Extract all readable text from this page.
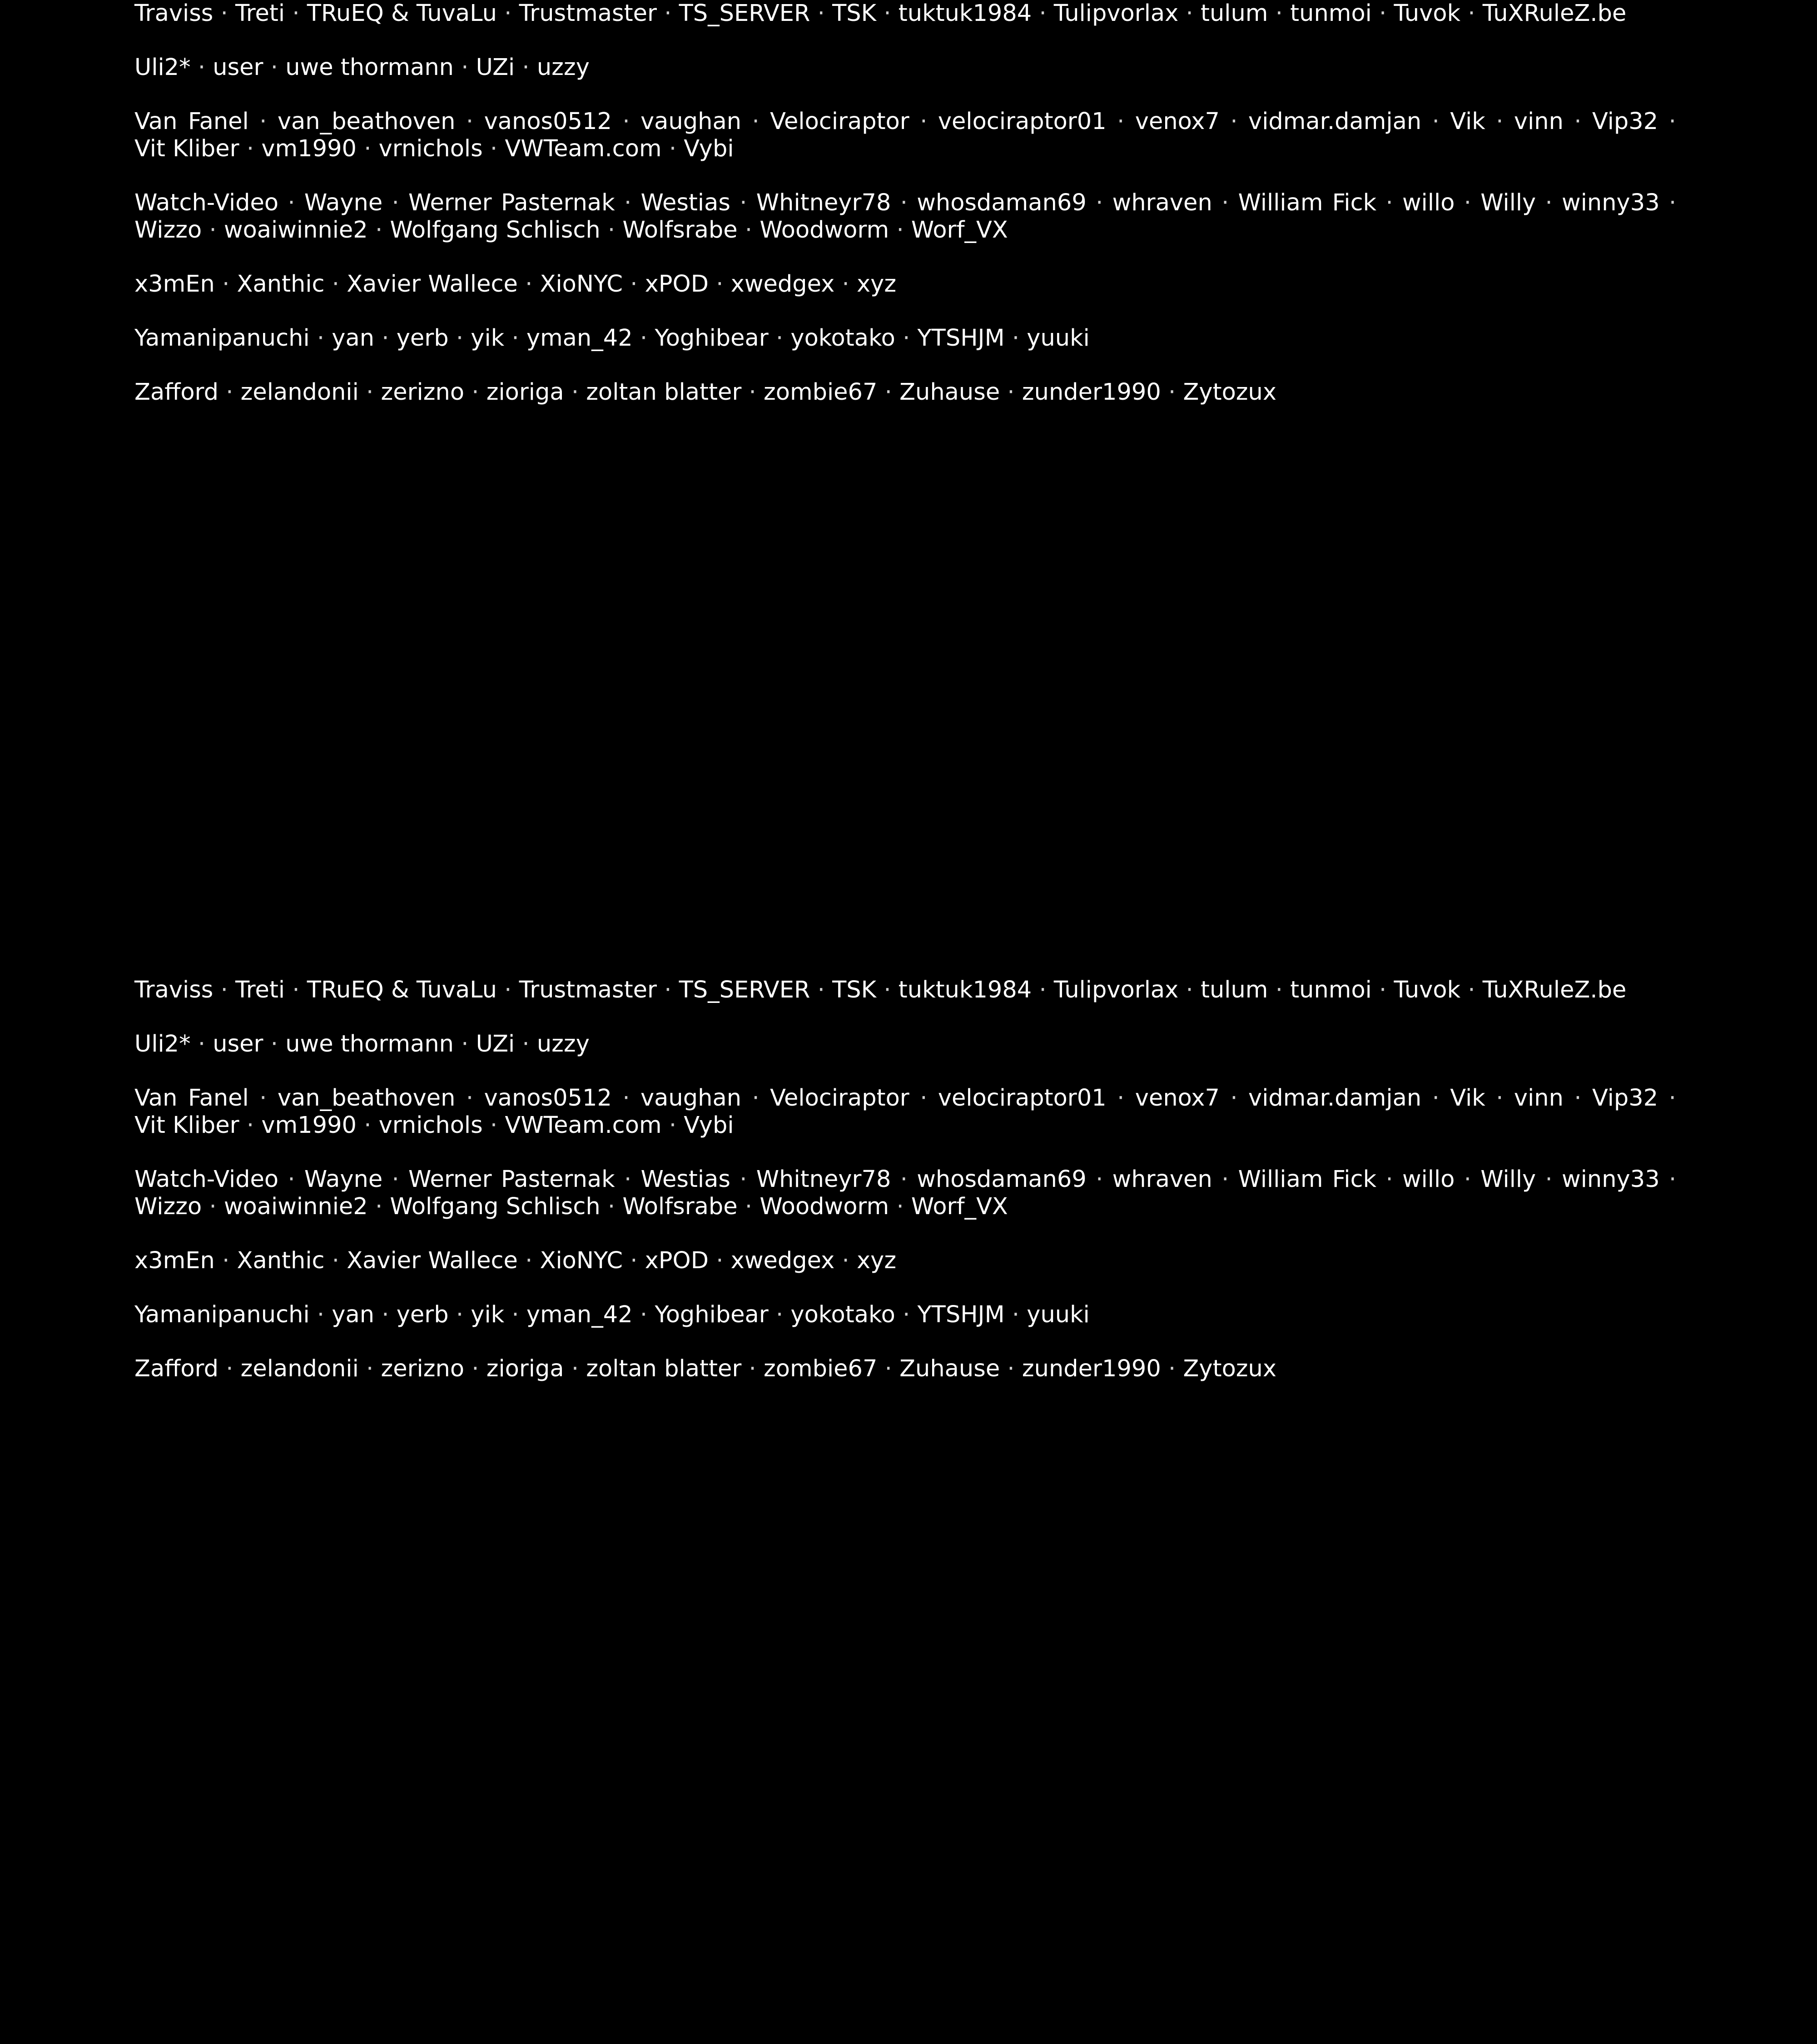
Traviss · Treti · TRuEQ & TuvaLu · Trustmaster · TS_SERVER · TSK · tuktuk1984 · Tulipvorlax · tulum · tunmoi · Tuvok · TuXRuleZ.be

Uli2* · user · uwe thormann · UZi · uzzy

Van Fanel · van_beathoven · vanos0512 · vaughan · Velociraptor · velociraptor01 · venox7 · vidmar.damjan · Vik · vinn · Vip32 · Vit Kliber · vm1990 · vrnichols · VWTeam.com · Vybi

Watch-Video · Wayne · Werner Pasternak · Westias · Whitneyr78 · whosdaman69 · whraven · William Fick · willo · Willy · winny33 · Wizzo · woaiwinnie2 · Wolfgang Schlisch · Wolfsrabe · Woodworm · Worf_VX

x3mEn · Xanthic · Xavier Wallece · XioNYC · xPOD · xwedgex · xyz

Yamanipanuchi · yan · yerb · yik · yman_42 · Yoghibear · yokotako · YTSHJM · yuuki

Zafford · zelandonii · zerizno · zioriga · zoltan blatter · zombie67 · Zuhause · zunder1990 · Zytozux

Traviss · Treti · TRuEQ & TuvaLu · Trustmaster · TS_SERVER · TSK · tuktuk1984 · Tulipvorlax · tulum · tunmoi · Tuvok · TuXRuleZ.be

Uli2* · user · uwe thormann · UZi · uzzy

Van Fanel · van_beathoven · vanos0512 · vaughan · Velociraptor · velociraptor01 · venox7 · vidmar.damjan · Vik · vinn · Vip32 · Vit Kliber · vm1990 · vrnichols · VWTeam.com · Vybi

Watch-Video · Wayne · Werner Pasternak · Westias · Whitneyr78 · whosdaman69 · whraven · William Fick · willo · Willy · winny33 · Wizzo · woaiwinnie2 · Wolfgang Schlisch · Wolfsrabe · Woodworm · Worf_VX

x3mEn · Xanthic · Xavier Wallece · XioNYC · xPOD · xwedgex · xyz

Yamanipanuchi · yan · yerb · yik · yman_42 · Yoghibear · yokotako · YTSHJM · yuuki

Zafford · zelandonii · zerizno · zioriga · zoltan blatter · zombie67 · Zuhause · zunder1990 · Zytozux
